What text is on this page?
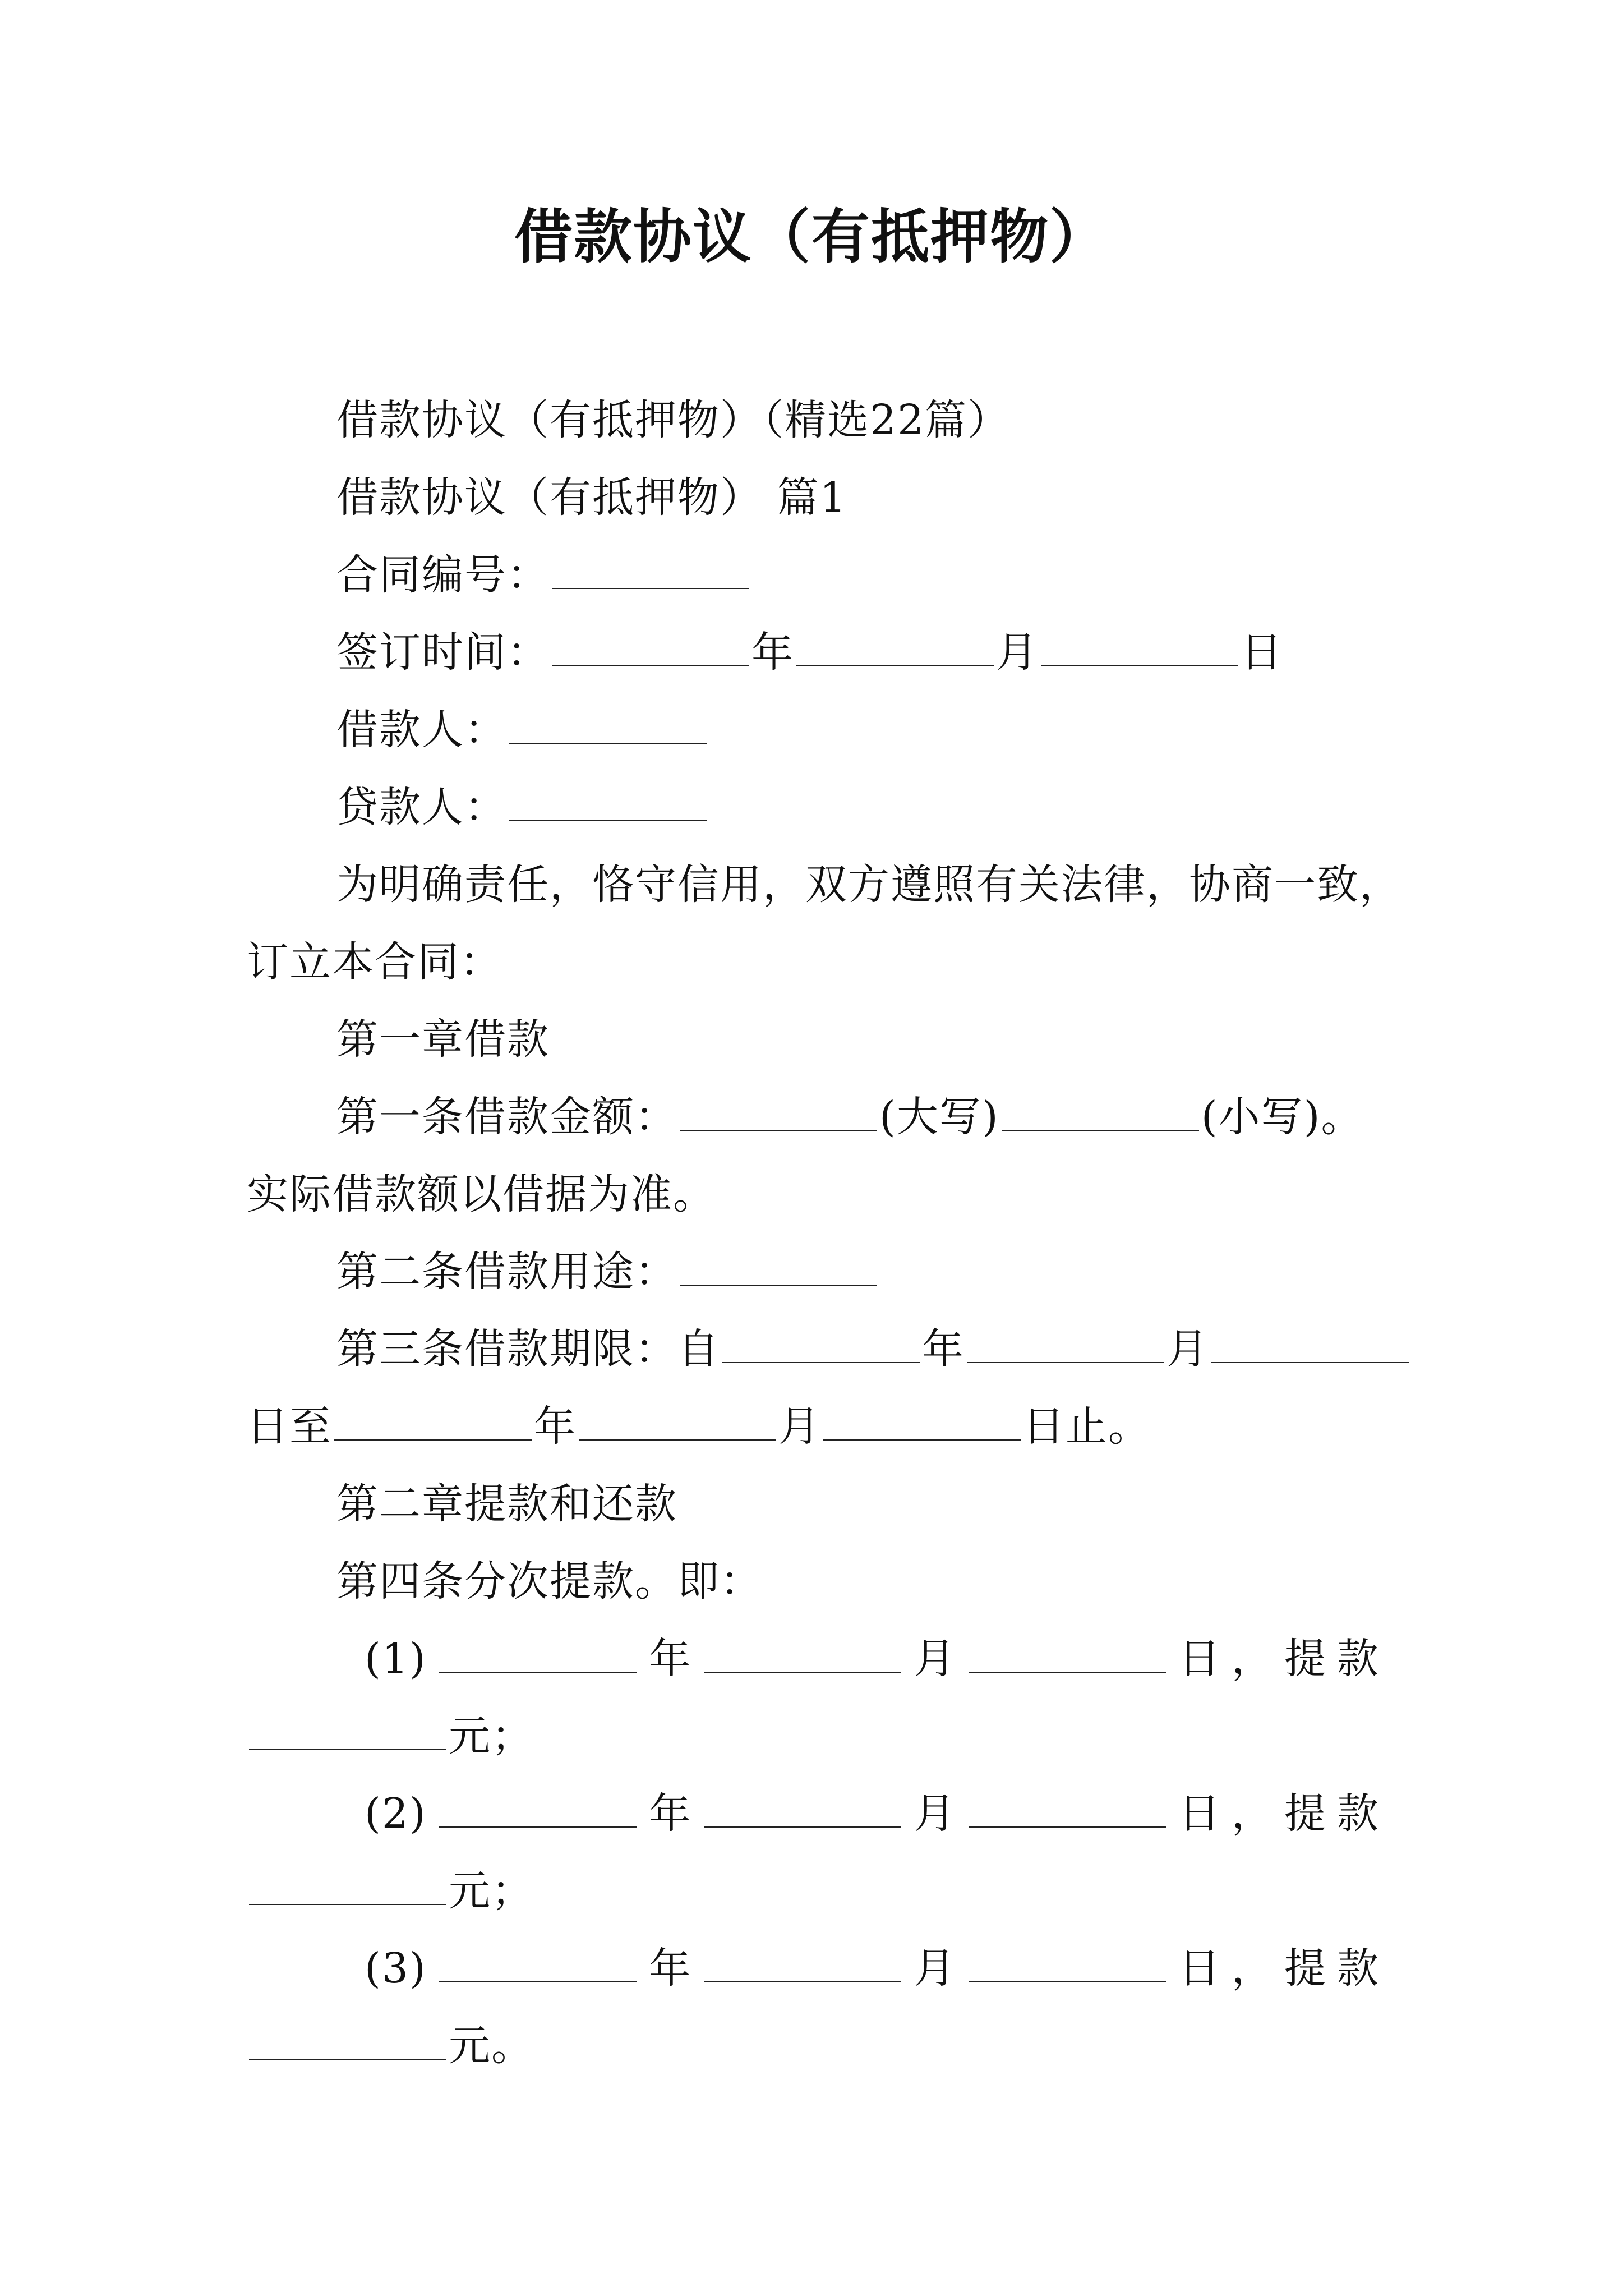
借款协议（有抵押物）
借款协议（有抵押物）（精选22篇）
借款协议（有抵押物） 篇1
合同编号：
签订时间：	年	月	日
借款人：
贷款人：
为明确责任，恪守信用，双方遵照有关法律，协商一致，
订立本合同：
第一章借款
第一条借款金额：	(大写)	(小写)。
实际借款额以借据为准。
第二条借款用途：
第三条借款期限：自	年	月
日至	年	月	日止。
第二章提款和还款
第四条分次提款。即：
(1)	年	月	日 ， 提 款
元；
(2)	年	月	日 ， 提 款
元；
(3)	年	月	日 ， 提 款
元。
